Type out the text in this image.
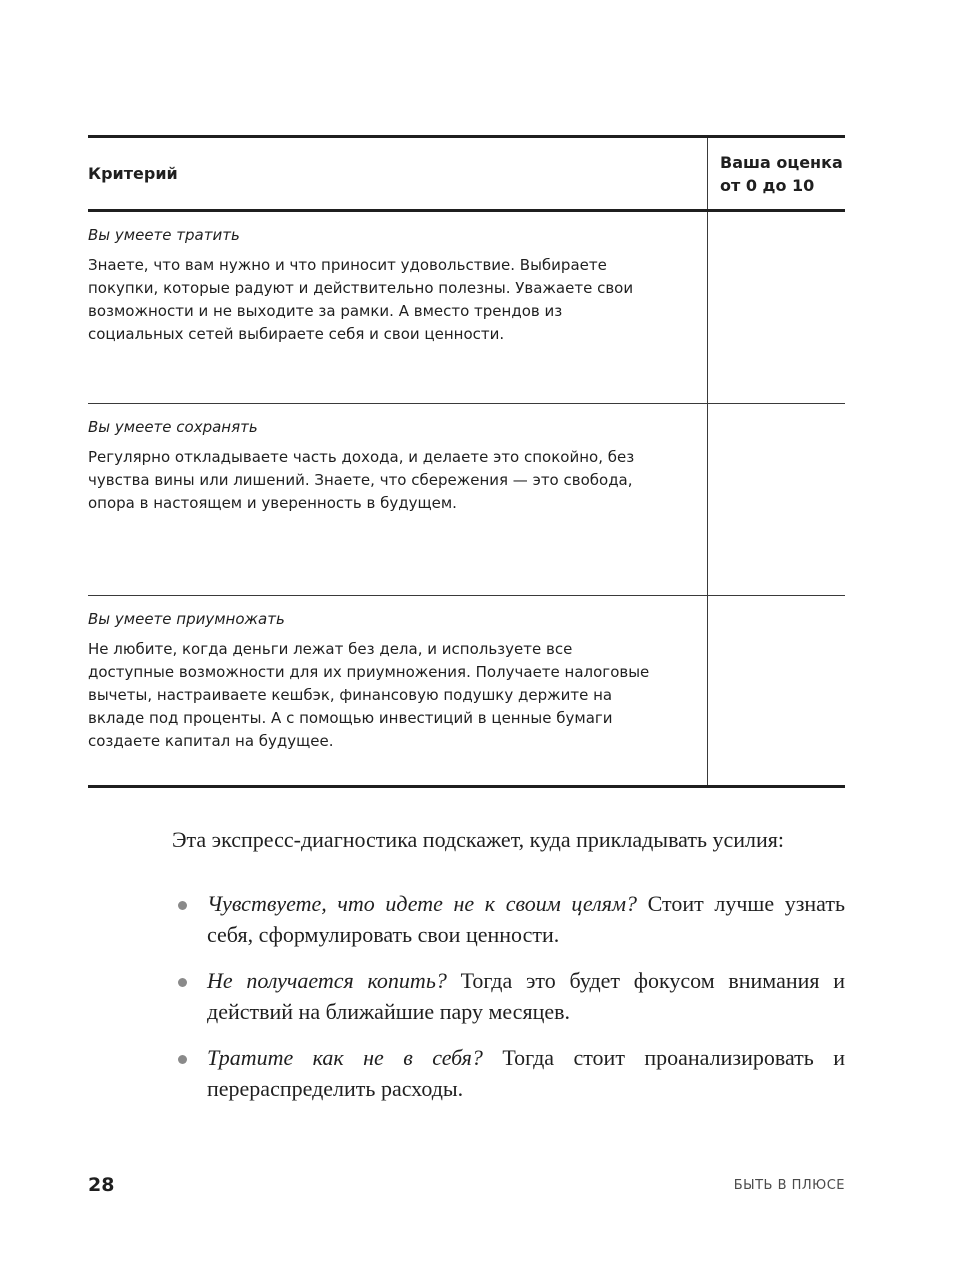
Критерий
Ваша оценка
от 0 до 10
Вы умеете тратить
Знаете, что вам нужно и что приносит удовольствие. Выбираете покупки, которые радуют и действительно полезны. Уважаете свои возможности и не выходите за рамки. А вместо трендов из социальных сетей выбираете себя и свои ценности.
Вы умеете сохранять
Регулярно откладываете часть дохода, и делаете это спокойно, без чувства вины или лишений. Знаете, что сбережения — это свобода, опора в настоящем и уверенность в будущем.
Вы умеете приумножать
Не любите, когда деньги лежат без дела, и используете все доступные возможности для их приумножения. Получаете налоговые вычеты, настраиваете кешбэк, финансовую подушку держите на вкладе под проценты. А с помощью инвестиций в ценные бумаги создаете капитал на будущее.
Эта экспресс-диагностика подскажет, куда прикладывать усилия:
Чувствуете, что идете не к своим целям? Стоит лучше узнать себя, сформулировать свои ценности.
Не получается копить? Тогда это будет фокусом внимания и действий на ближайшие пару месяцев.
Тратите как не в себя? Тогда стоит проанализировать и перераспределить расходы.
28	БЫТЬ В ПЛЮСЕ
